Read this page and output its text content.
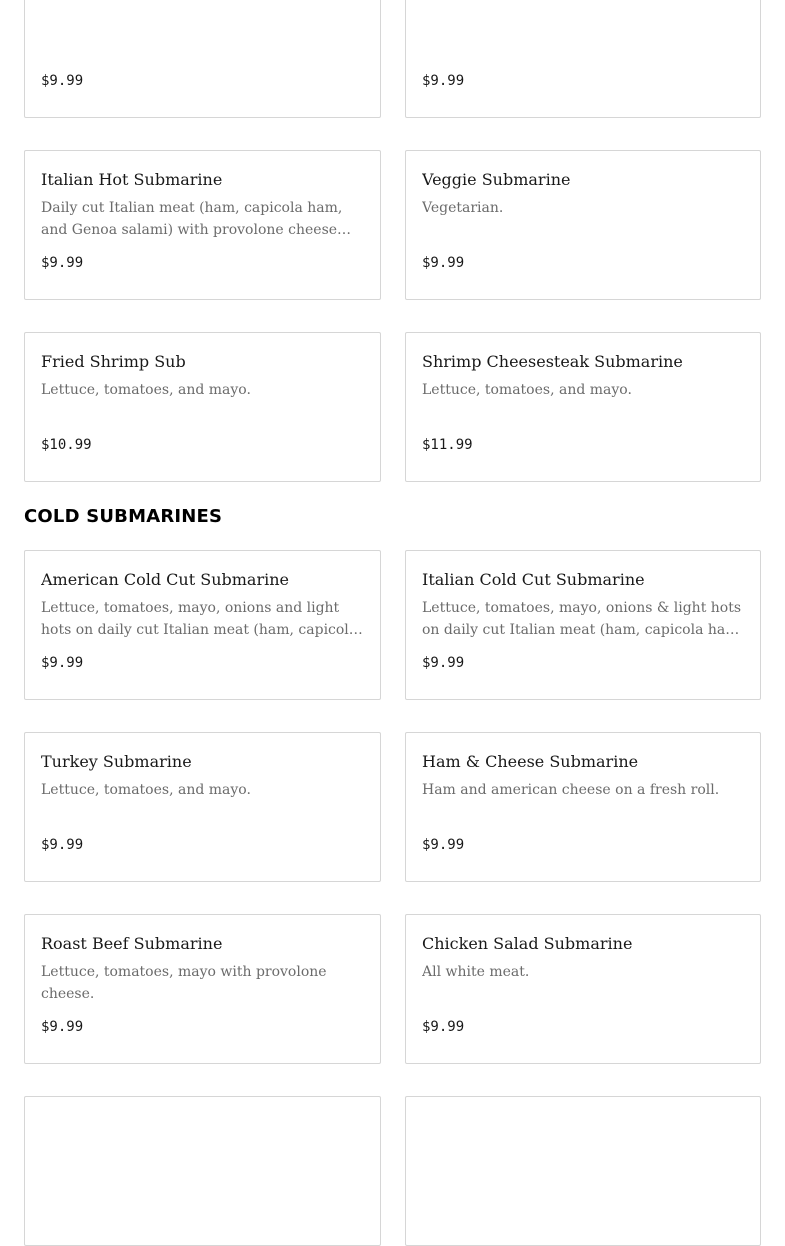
$9.99	$9.99
Italian Hot Submarine
Daily cut Italian meat (ham, capicola ham, and Genoa salami) with provolone cheese
$9.99
Veggie Submarine
Vegetarian.
$9.99
Fried Shrimp Sub
Lettuce, tomatoes, and mayo.
$10.99
Shrimp Cheesesteak Submarine
Lettuce, tomatoes, and mayo.
$11.99
COLD SUBMARINES
American Cold Cut Submarine
Lettuce, tomatoes, mayo, onions and light hots on daily cut Italian meat (ham, capicola
$9.99
Italian Cold Cut Submarine
Lettuce, tomatoes, mayo, onions & light hots on daily cut Italian meat (ham, capicola ham,
$9.99
Turkey Submarine
Lettuce, tomatoes, and mayo.
$9.99
Ham & Cheese Submarine
Ham and american cheese on a fresh roll.
$9.99
Roast Beef Submarine
Lettuce, tomatoes, mayo with provolone cheese.
$9.99
Chicken Salad Submarine
All white meat.
$9.99
